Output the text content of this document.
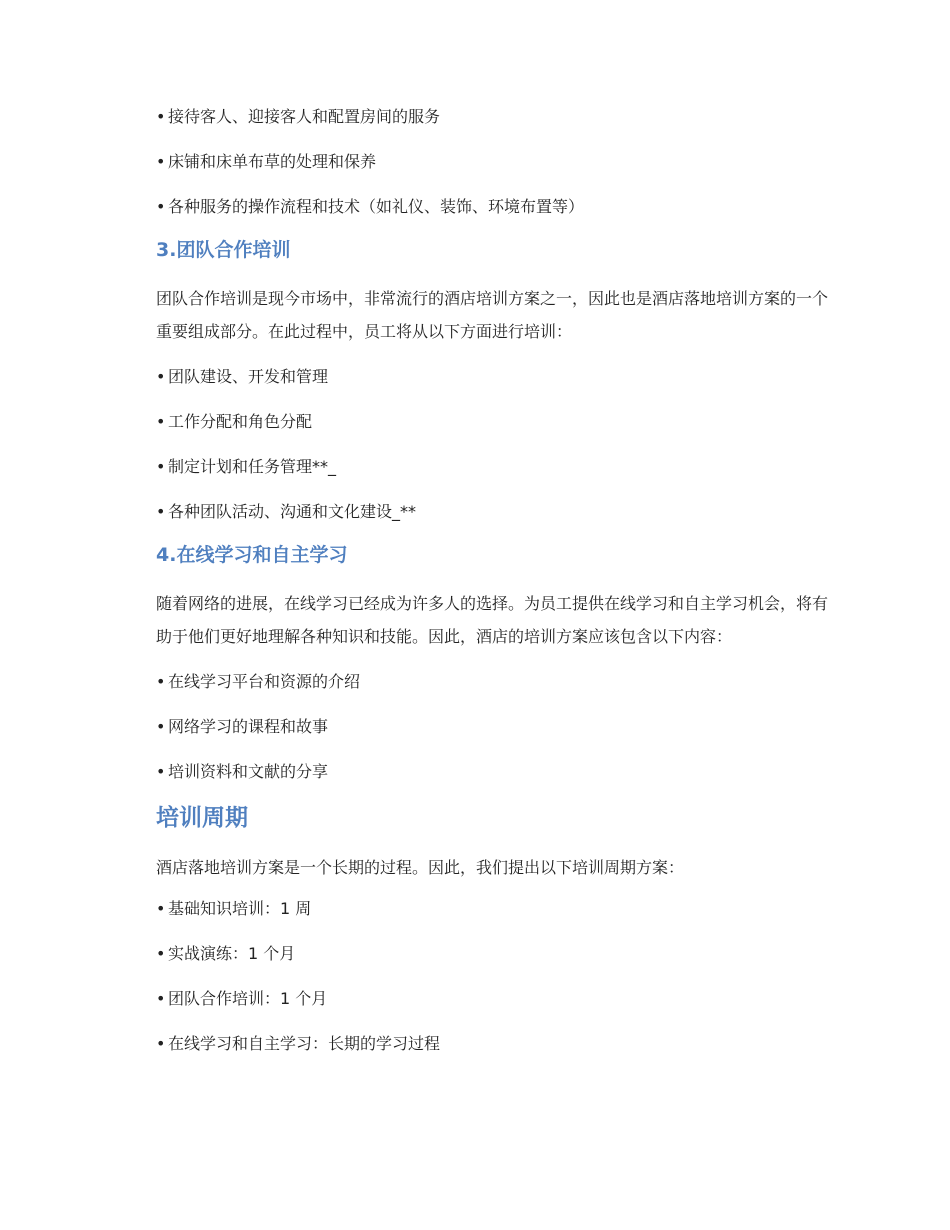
• 接待客人、迎接客人和配置房间的服务
• 床铺和床单布草的处理和保养
• 各种服务的操作流程和技术（如礼仪、装饰、环境布置等）
3.团队合作培训
团队合作培训是现今市场中，非常流行的酒店培训方案之一，因此也是酒店落地培训方案的一个重要组成部分。在此过程中，员工将从以下方面进行培训：
• 团队建设、开发和管理
• 工作分配和角色分配
• 制定计划和任务管理**_
• 各种团队活动、沟通和文化建设_**
4.在线学习和自主学习
随着网络的进展，在线学习已经成为许多人的选择。为员工提供在线学习和自主学习机会，将有助于他们更好地理解各种知识和技能。因此，酒店的培训方案应该包含以下内容：
• 在线学习平台和资源的介绍
• 网络学习的课程和故事
• 培训资料和文献的分享
培训周期
酒店落地培训方案是一个长期的过程。因此，我们提出以下培训周期方案：
• 基础知识培训：1 周
• 实战演练：1 个月
• 团队合作培训：1 个月
• 在线学习和自主学习：长期的学习过程
